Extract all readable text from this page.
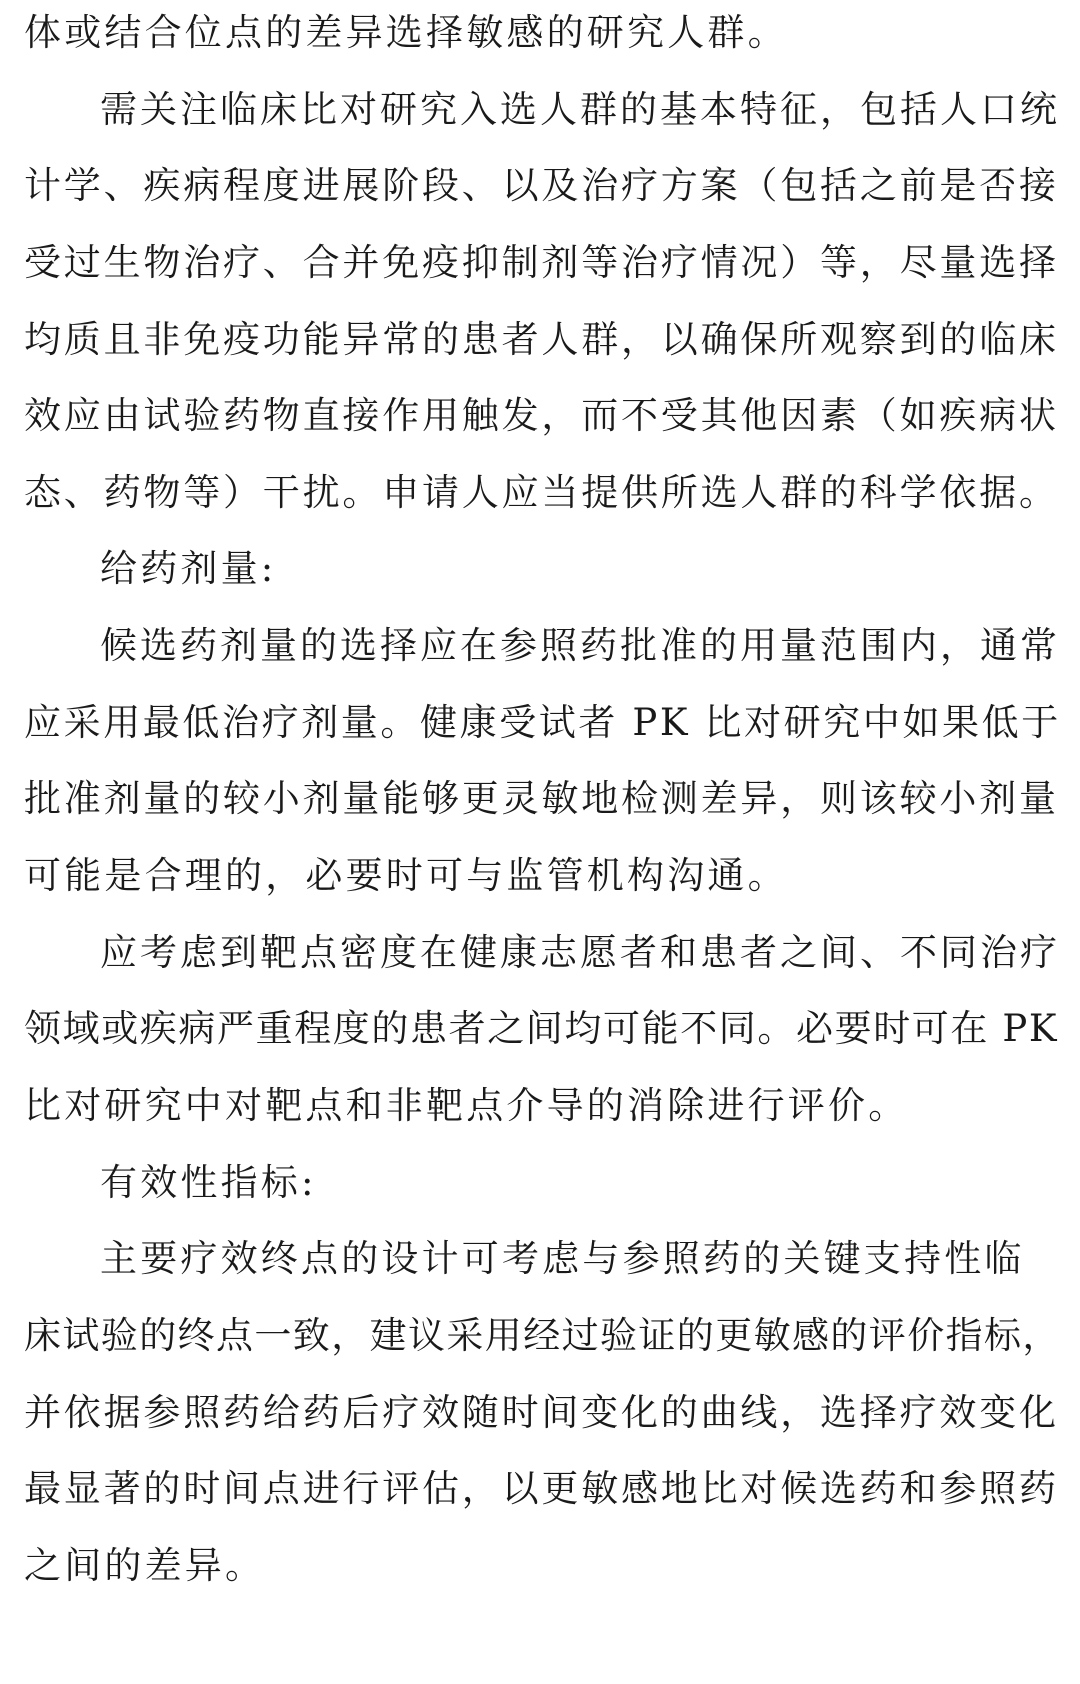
体或结合位点的差异选择敏感的研究人群。
需关注临床比对研究入选人群的基本特征，包括人口统
计学、疾病程度进展阶段、以及治疗方案（包括之前是否接
受过生物治疗、合并免疫抑制剂等治疗情况）等，尽量选择
均质且非免疫功能异常的患者人群，以确保所观察到的临床
效应由试验药物直接作用触发，而不受其他因素（如疾病状
态、药物等）干扰。申请人应当提供所选人群的科学依据。
给药剂量:
候选药剂量的选择应在参照药批准的用量范围内，通常
应采用最低治疗剂量。健康受试者 PK 比对研究中如果低于
批准剂量的较小剂量能够更灵敏地检测差异，则该较小剂量
可能是合理的，必要时可与监管机构沟通。
应考虑到靶点密度在健康志愿者和患者之间、不同治疗
领域或疾病严重程度的患者之间均可能不同。必要时可在 PK
比对研究中对靶点和非靶点介导的消除进行评价。
有效性指标:
主要疗效终点的设计可考虑与参照药的关键支持性临
床试验的终点一致，建议采用经过验证的更敏感的评价指标，
并依据参照药给药后疗效随时间变化的曲线，选择疗效变化
最显著的时间点进行评估，以更敏感地比对候选药和参照药
之间的差异。
